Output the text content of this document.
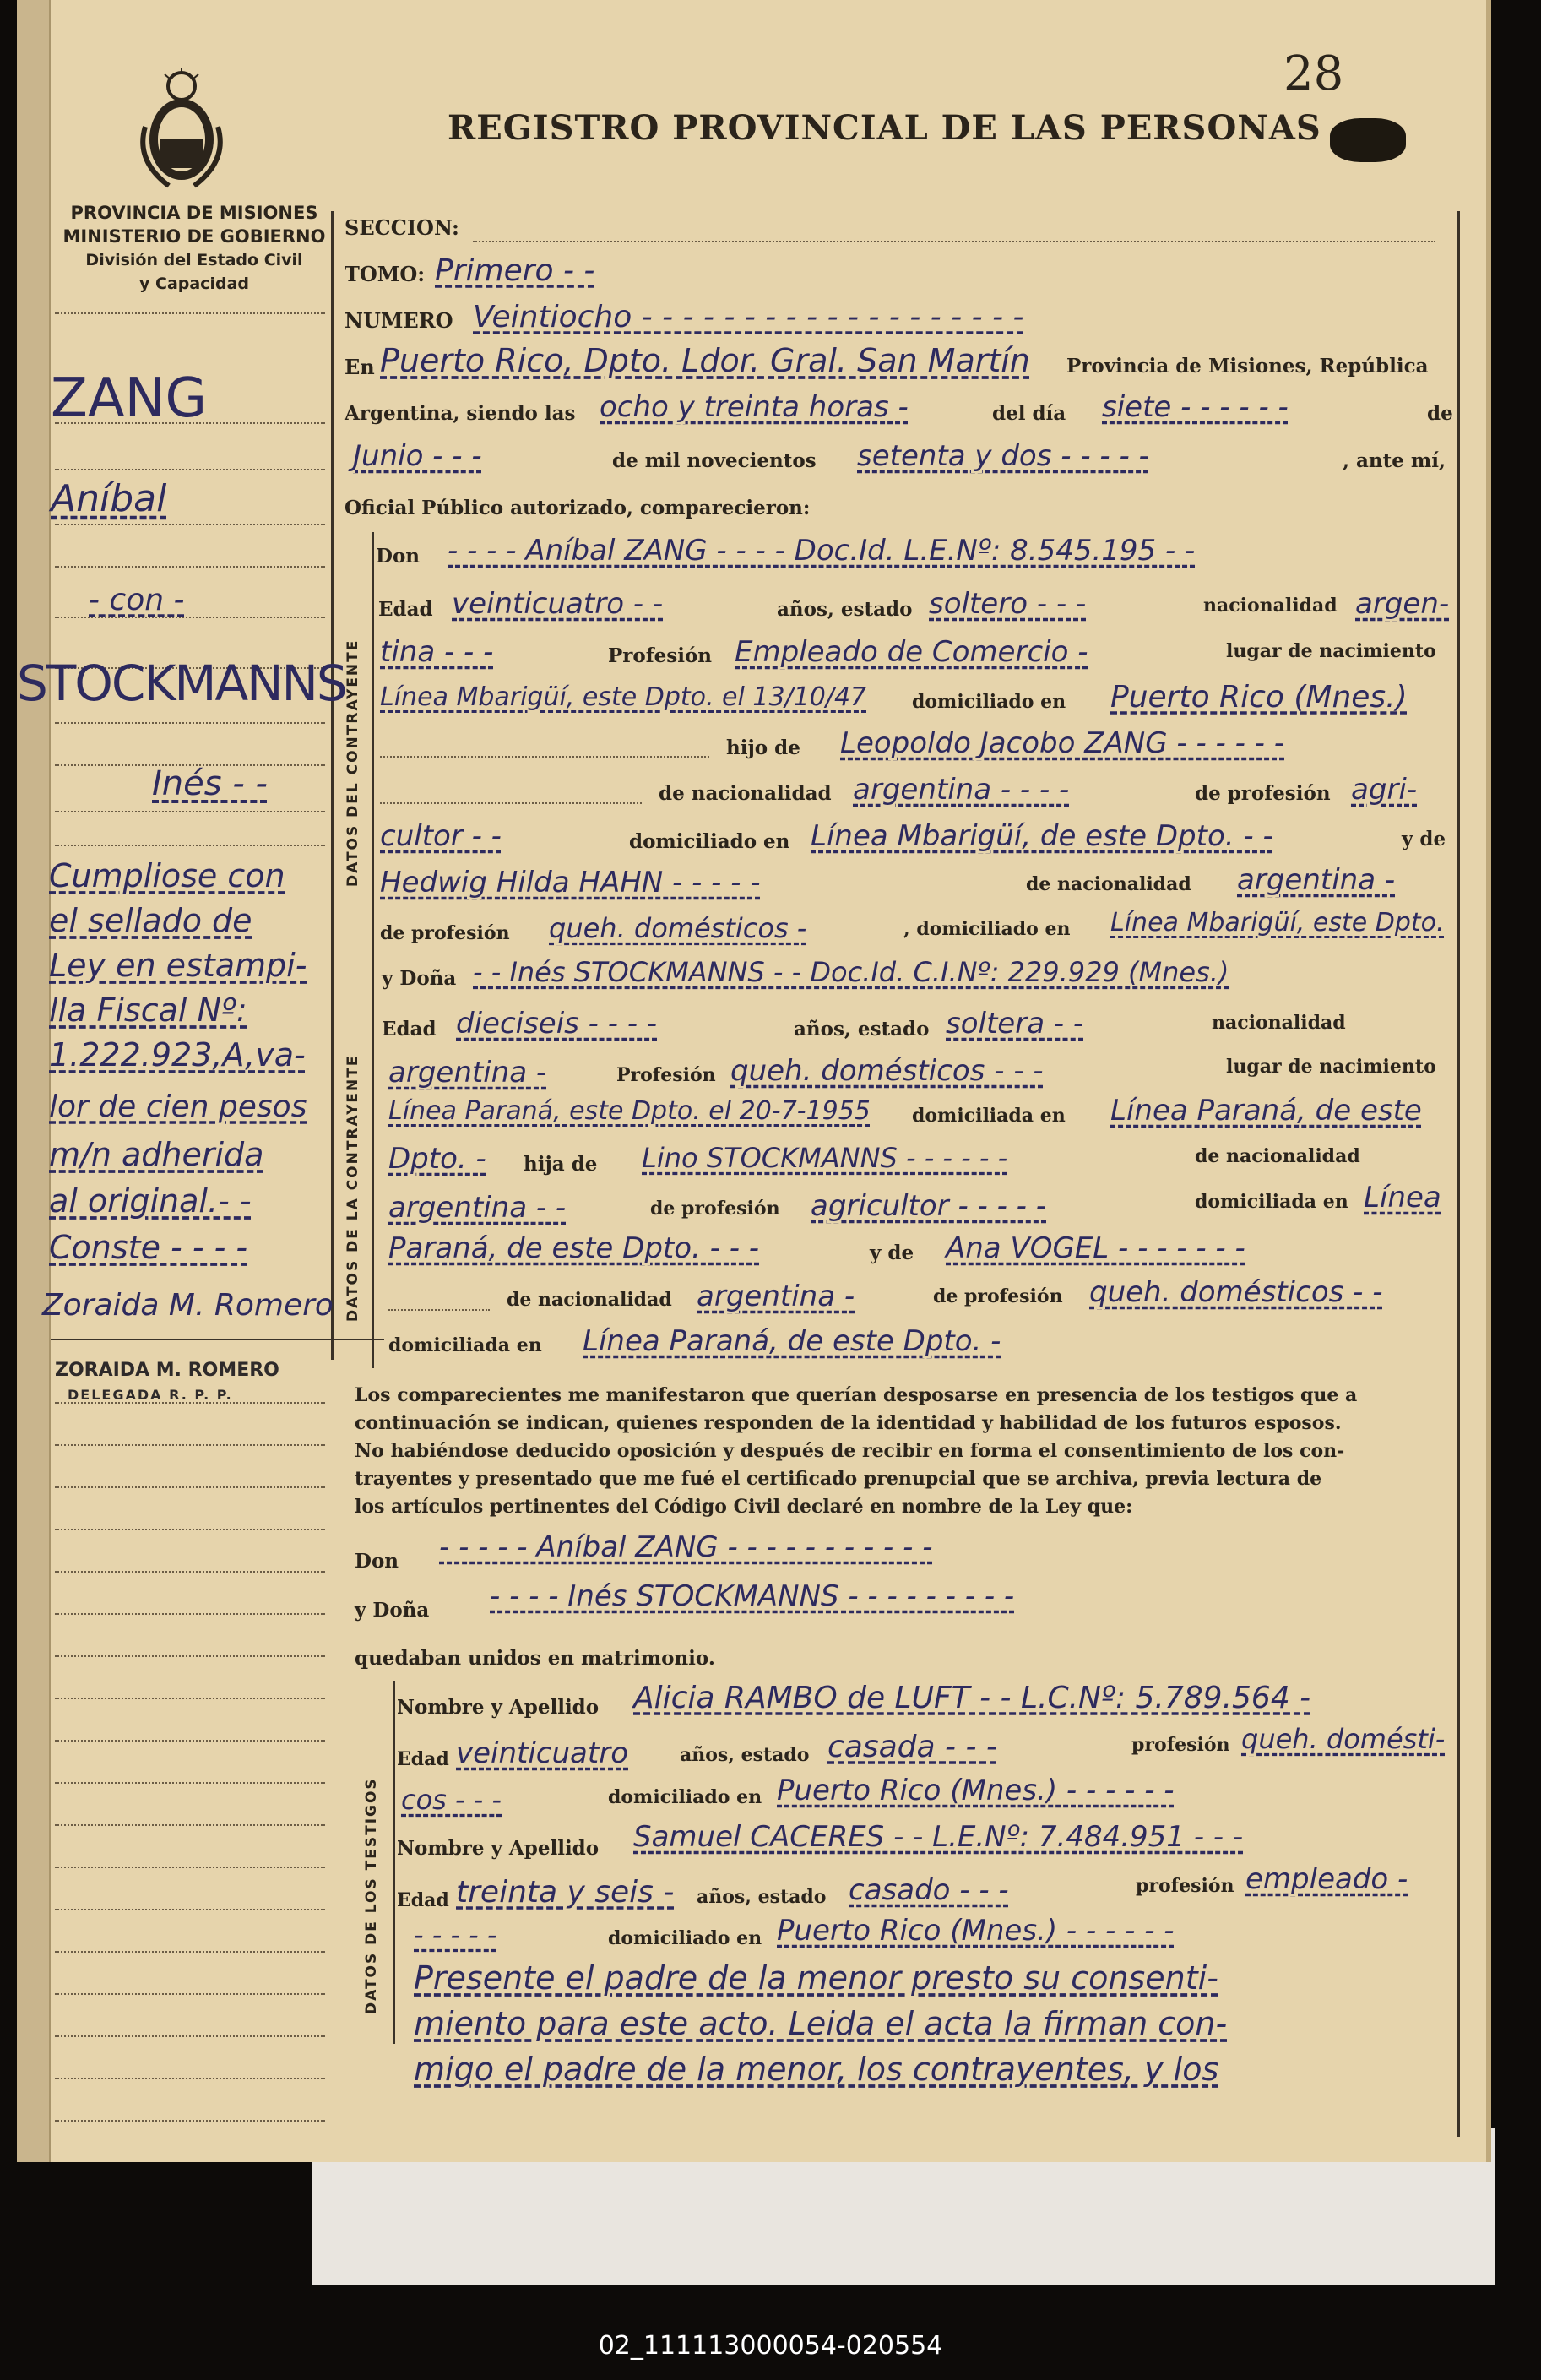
28
REGISTRO PROVINCIAL DE LAS PERSONAS
PROVINCIA DE MISIONES
MINISTERIO DE GOBIERNO
División del Estado Civil
y Capacidad
ZANG
Aníbal
- con -
STOCKMANNS
Inés - -
Cumpliose con
el sellado de
Ley en estampi-
lla Fiscal Nº:
1.222.923,A,va-
lor de cien pesos
m/n adherida
al original.- -
Conste - - - -
Zoraida M. Romero
ZORAIDA M. ROMERO
DELEGADA R. P. P.
SECCION:
TOMO: Primero - -
NUMERO Veintiocho - - - - - - - - - - - - - - - - - - -
En Puerto Rico, Dpto. Ldor. Gral. San Martín Provincia de Misiones, República
Argentina, siendo las ocho y treinta horas -	del día siete - - - - - -	de
Junio - - -	de mil novecientos setenta y dos - - - - -	, ante mí,
Oficial Público autorizado, comparecieron:
DATOS DEL CONTRAYENTE
Don - - - - Aníbal ZANG - - - - Doc.Id. L.E.Nº: 8.545.195 - -
Edad veinticuatro - -	años, estado soltero - - -	nacionalidad argen-
tina - - -	Profesión Empleado de Comercio -	lugar de nacimiento
Línea Mbarigüí, este Dpto. el 13/10/47 domiciliado en Puerto Rico (Mnes.)
hijo de Leopoldo Jacobo ZANG - - - - - -
de nacionalidad argentina - - - -	de profesión agri-
cultor - -	domiciliado en Línea Mbarigüí, de este Dpto. - -	y de
Hedwig Hilda HAHN - - - - -	de nacionalidad argentina -
de profesión queh. domésticos -	, domiciliado en Línea Mbarigüí, este Dpto.
DATOS DE LA CONTRAYENTE
y Doña - - Inés STOCKMANNS - - Doc.Id. C.I.Nº: 229.929 (Mnes.)
Edad dieciseis - - - -	años, estado soltera - -	nacionalidad
argentina -	Profesión queh. domésticos - - -	lugar de nacimiento
Línea Paraná, este Dpto. el 20-7-1955 domiciliada en Línea Paraná, de este
Dpto. - hija de Lino STOCKMANNS - - - - - -	de nacionalidad
argentina - -	de profesión agricultor - - - - -	domiciliada en Línea
Paraná, de este Dpto. - - -	y de Ana VOGEL - - - - - - -
de nacionalidad argentina -	de profesión queh. domésticos - -
domiciliada en Línea Paraná, de este Dpto. -
Los comparecientes me manifestaron que querían desposarse en presencia de los testigos que a
continuación se indican, quienes responden de la identidad y habilidad de los futuros esposos.
No habiéndose deducido oposición y después de recibir en forma el consentimiento de los con-
trayentes y presentado que me fué el certificado prenupcial que se archiva, previa lectura de
los artículos pertinentes del Código Civil declaré en nombre de la Ley que:
Don - - - - - Aníbal ZANG - - - - - - - - - - -
y Doña - - - - Inés STOCKMANNS - - - - - - - - -
quedaban unidos en matrimonio.
DATOS DE LOS TESTIGOS
Nombre y Apellido Alicia RAMBO de LUFT - - L.C.Nº: 5.789.564 -
Edad veinticuatro	años, estado casada - - -	profesión queh. domésti-
cos - - -	domiciliado en Puerto Rico (Mnes.) - - - - - -
Nombre y Apellido Samuel CACERES - - L.E.Nº: 7.484.951 - - -
Edad treinta y seis - años, estado casado - - -	profesión empleado -
- - - - -	domiciliado en Puerto Rico (Mnes.) - - - - - -
Presente el padre de la menor presto su consenti-
miento para este acto. Leida el acta la firman con-
migo el padre de la menor, los contrayentes, y los
02_111113000054-020554
